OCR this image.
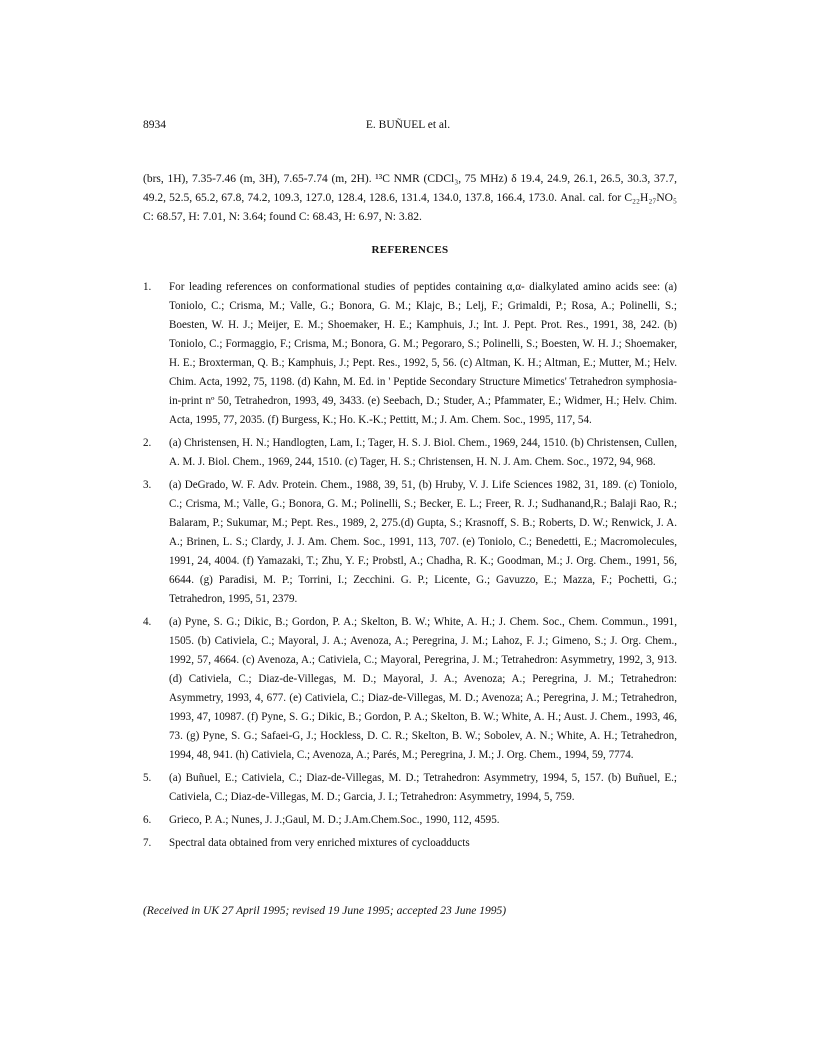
8934	E. BUÑUEL et al.
(brs, 1H), 7.35-7.46 (m, 3H), 7.65-7.74 (m, 2H). ¹³C NMR (CDCl₃, 75 MHz) δ 19.4, 24.9, 26.1, 26.5, 30.3, 37.7, 49.2, 52.5, 65.2, 67.8, 74.2, 109.3, 127.0, 128.4, 128.6, 131.4, 134.0, 137.8, 166.4, 173.0. Anal. cal. for C₂₂H₂₇NO₅ C: 68.57, H: 7.01, N: 3.64; found C: 68.43, H: 6.97, N: 3.82.
REFERENCES
1. For leading references on conformational studies of peptides containing α,α- dialkylated amino acids see: (a) Toniolo, C.; Crisma, M.; Valle, G.; Bonora, G. M.; Klajc, B.; Lelj, F.; Grimaldi, P.; Rosa, A.; Polinelli, S.; Boesten, W. H. J.; Meijer, E. M.; Shoemaker, H. E.; Kamphuis, J.; Int. J. Pept. Prot. Res., 1991, 38, 242. (b) Toniolo, C.; Formaggio, F.; Crisma, M.; Bonora, G. M.; Pegoraro, S.; Polinelli, S.; Boesten, W. H. J.; Shoemaker, H. E.; Broxterman, Q. B.; Kamphuis, J.; Pept. Res., 1992, 5, 56. (c) Altman, K. H.; Altman, E.; Mutter, M.; Helv. Chim. Acta, 1992, 75, 1198. (d) Kahn, M. Ed. in ' Peptide Secondary Structure Mimetics' Tetrahedron symphosia-in-print nº 50, Tetrahedron, 1993, 49, 3433. (e) Seebach, D.; Studer, A.; Pfammater, E.; Widmer, H.; Helv. Chim. Acta, 1995, 77, 2035. (f) Burgess, K.; Ho. K.-K.; Pettitt, M.; J. Am. Chem. Soc., 1995, 117, 54.
2. (a) Christensen, H. N.; Handlogten, Lam, I.; Tager, H. S. J. Biol. Chem., 1969, 244, 1510. (b) Christensen, Cullen, A. M. J. Biol. Chem., 1969, 244, 1510. (c) Tager, H. S.; Christensen, H. N. J. Am. Chem. Soc., 1972, 94, 968.
3. (a) DeGrado, W. F. Adv. Protein. Chem., 1988, 39, 51, (b) Hruby, V. J. Life Sciences 1982, 31, 189. (c) Toniolo, C.; Crisma, M.; Valle, G.; Bonora, G. M.; Polinelli, S.; Becker, E. L.; Freer, R. J.; Sudhanand,R.; Balaji Rao, R.; Balaram, P.; Sukumar, M.; Pept. Res., 1989, 2, 275.(d) Gupta, S.; Krasnoff, S. B.; Roberts, D. W.; Renwick, J. A. A.; Brinen, L. S.; Clardy, J. J. Am. Chem. Soc., 1991, 113, 707. (e) Toniolo, C.; Benedetti, E.; Macromolecules, 1991, 24, 4004. (f) Yamazaki, T.; Zhu, Y. F.; Probstl, A.; Chadha, R. K.; Goodman, M.; J. Org. Chem., 1991, 56, 6644. (g) Paradisi, M. P.; Torrini, I.; Zecchini. G. P.; Licente, G.; Gavuzzo, E.; Mazza, F.; Pochetti, G.; Tetrahedron, 1995, 51, 2379.
4. (a) Pyne, S. G.; Dikic, B.; Gordon, P. A.; Skelton, B. W.; White, A. H.; J. Chem. Soc., Chem. Commun., 1991, 1505. (b) Cativiela, C.; Mayoral, J. A.; Avenoza, A.; Peregrina, J. M.; Lahoz, F. J.; Gimeno, S.; J. Org. Chem., 1992, 57, 4664. (c) Avenoza, A.; Cativiela, C.; Mayoral, Peregrina, J. M.; Tetrahedron: Asymmetry, 1992, 3, 913. (d) Cativiela, C.; Diaz-de-Villegas, M. D.; Mayoral, J. A.; Avenoza; A.; Peregrina, J. M.; Tetrahedron: Asymmetry, 1993, 4, 677. (e) Cativiela, C.; Diaz-de-Villegas, M. D.; Avenoza; A.; Peregrina, J. M.; Tetrahedron, 1993, 47, 10987. (f) Pyne, S. G.; Dikic, B.; Gordon, P. A.; Skelton, B. W.; White, A. H.; Aust. J. Chem., 1993, 46, 73. (g) Pyne, S. G.; Safaei-G, J.; Hockless, D. C. R.; Skelton, B. W.; Sobolev, A. N.; White, A. H.; Tetrahedron, 1994, 48, 941. (h) Cativiela, C.; Avenoza, A.; Parés, M.; Peregrina, J. M.; J. Org. Chem., 1994, 59, 7774.
5. (a) Buñuel, E.; Cativiela, C.; Diaz-de-Villegas, M. D.; Tetrahedron: Asymmetry, 1994, 5, 157. (b) Buñuel, E.; Cativiela, C.; Diaz-de-Villegas, M. D.; Garcia, J. I.; Tetrahedron: Asymmetry, 1994, 5, 759.
6. Grieco, P. A.; Nunes, J. J.;Gaul, M. D.; J.Am.Chem.Soc., 1990, 112, 4595.
7. Spectral data obtained from very enriched mixtures of cycloadducts
(Received in UK 27 April 1995; revised 19 June 1995; accepted 23 June 1995)
